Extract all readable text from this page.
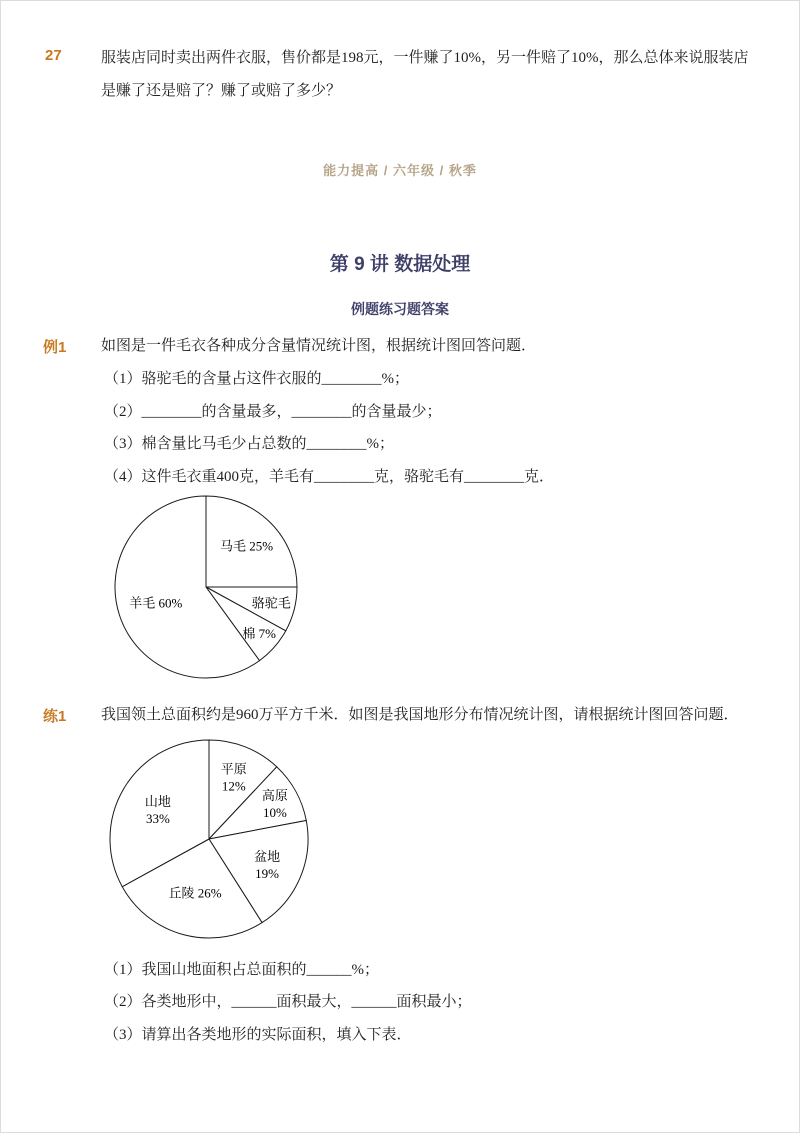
27	服装店同时卖出两件衣服，售价都是198元，一件赚了10%，另一件赔了10%，那么总体来说服装店是赚了还是赔了？赚了或赔了多少？

能力提高 / 六年级 / 秋季
第 9 讲 数据处理
例题练习题答案
例1 如图是一件毛衣各种成分含量情况统计图，根据统计图回答问题．

（1）骆驼毛的含量占这件衣服的________%；

（2）________的含量最多，________的含量最少；

（3）棉含量比马毛少占总数的________%；

（4）这件毛衣重400克，羊毛有________克，骆驼毛有________克．

马毛 25%
骆驼毛
棉 7%
羊毛 60%
练1 我国领土总面积约是960万平方千米．如图是我国地形分布情况统计图，请根据统计图回答问题．

平原 12%
高原 10%
盆地 19%
丘陵 26%
山地 33%

（1）我国山地面积占总面积的______%；

（2）各类地形中，______面积最大，______面积最小；

（3）请算出各类地形的实际面积，填入下表．
